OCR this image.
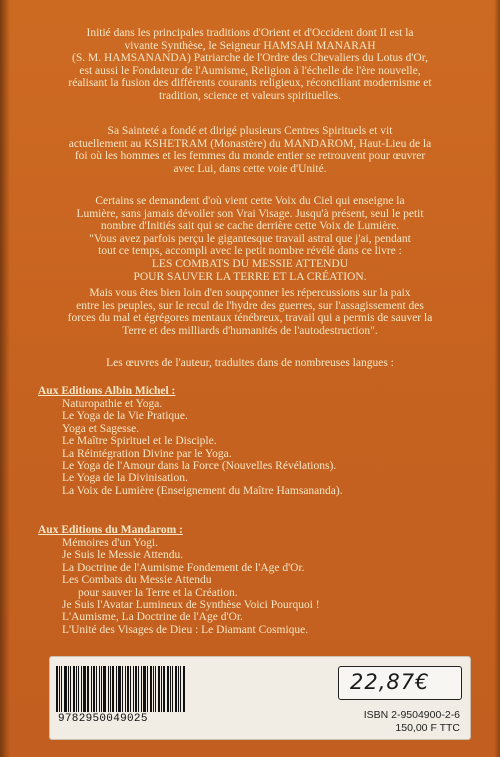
Initié dans les principales traditions d'Orient et d'Occident dont Il est la
vivante Synthèse, le Seigneur HAMSAH MANARAH
(S. M. HAMSANANDA) Patriarche de l'Ordre des Chevaliers du Lotus d'Or,
est aussi le Fondateur de l'Aumisme, Religion à l'échelle de l'ère nouvelle,
réalisant la fusion des différents courants religieux, réconciliant modernisme et
tradition, science et valeurs spirituelles.
Sa Sainteté a fondé et dirigé plusieurs Centres Spirituels et vit
actuellement au KSHETRAM (Monastère) du MANDAROM, Haut-Lieu de la
foi où les hommes et les femmes du monde entier se retrouvent pour œuvrer
avec Lui, dans cette voie d'Unité.
Certains se demandent d'où vient cette Voix du Ciel qui enseigne la
Lumière, sans jamais dévoiler son Vrai Visage. Jusqu'à présent, seul le petit
nombre d'Initiés sait qui se cache derrière cette Voix de Lumière.
"Vous avez parfois perçu le gigantesque travail astral que j'ai, pendant
tout ce temps, accompli avec le petit nombre révélé dans ce livre :
LES COMBATS DU MESSIE ATTENDU
POUR SAUVER LA TERRE ET LA CRÉATION.
Mais vous êtes bien loin d'en soupçonner les répercussions sur la paix
entre les peuples, sur le recul de l'hydre des guerres, sur l'assagissement des
forces du mal et égrégores mentaux ténébreux, travail qui a permis de sauver la
Terre et des milliards d'humanités de l'autodestruction".
Les œuvres de l'auteur, traduites dans de nombreuses langues :
Aux Editions Albin Michel :
Naturopathie et Yoga.
Le Yoga de la Vie Pratique.
Yoga et Sagesse.
Le Maître Spirituel et le Disciple.
La Réintégration Divine par le Yoga.
Le Yoga de l'Amour dans la Force (Nouvelles Révélations).
Le Yoga de la Divinisation.
La Voix de Lumière (Enseignement du Maître Hamsananda).
Aux Editions du Mandarom :
Mémoires d'un Yogi.
Je Suis le Messie Attendu.
La Doctrine de l'Aumisme Fondement de l'Age d'Or.
Les Combats du Messie Attendu
pour sauver la Terre et la Création.
Je Suis l'Avatar Lumineux de Synthèse Voici Pourquoi !
L'Aumisme, La Doctrine de l'Age d'Or.
L'Unité des Visages de Dieu : Le Diamant Cosmique.
9782950049025
22,87€
ISBN 2-9504900-2-6
150,00 F TTC
